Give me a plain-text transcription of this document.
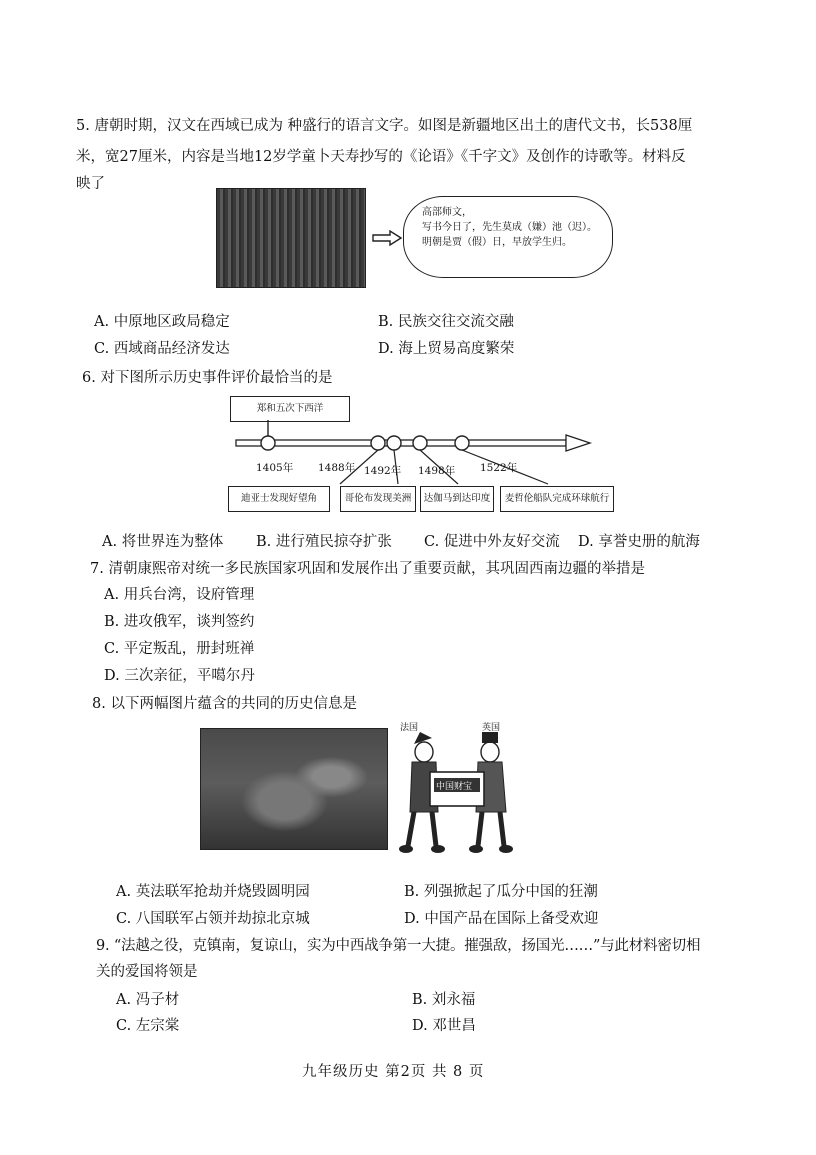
5. 唐朝时期，汉文在西域已成为 种盛行的语言文字。如图是新疆地区出土的唐代文书，长538厘
米，宽27厘米，内容是当地12岁学童卜天寿抄写的《论语》《千字文》及创作的诗歌等。材料反
映了
高部师文，
写书今日了，先生莫成（嫌）池（迟）。
明朝是贾（假）日，早放学生归。
A. 中原地区政局稳定	B. 民族交往交流交融
C. 西域商品经济发达	D. 海上贸易高度繁荣
6. 对下图所示历史事件评价最恰当的是
郑和五次下西洋
1405年 1488年 1492年 1498年 1522年
迪亚士发现好望角	哥伦布发现美洲	达伽马到达印度	麦哲伦船队完成环球航行
A. 将世界连为整体 B. 进行殖民掠夺扩张 C. 促进中外友好交流 D. 享誉史册的航海
7. 清朝康熙帝对统一多民族国家巩固和发展作出了重要贡献，其巩固西南边疆的举措是
A. 用兵台湾，设府管理
B. 进攻俄军，谈判签约
C. 平定叛乱，册封班禅
D. 三次亲征，平噶尔丹
8. 以下两幅图片蕴含的共同的历史信息是
法国	英国
中国财宝
A. 英法联军抢劫并烧毁圆明园	B. 列强掀起了瓜分中国的狂潮
C. 八国联军占领并劫掠北京城	D. 中国产品在国际上备受欢迎
9. “法越之役，克镇南，复谅山，实为中西战争第一大捷。摧强敌，扬国光……”与此材料密切相
关的爱国将领是
A. 冯子材	B. 刘永福
C. 左宗棠	D. 邓世昌
九年级历史 第2页 共 8 页
